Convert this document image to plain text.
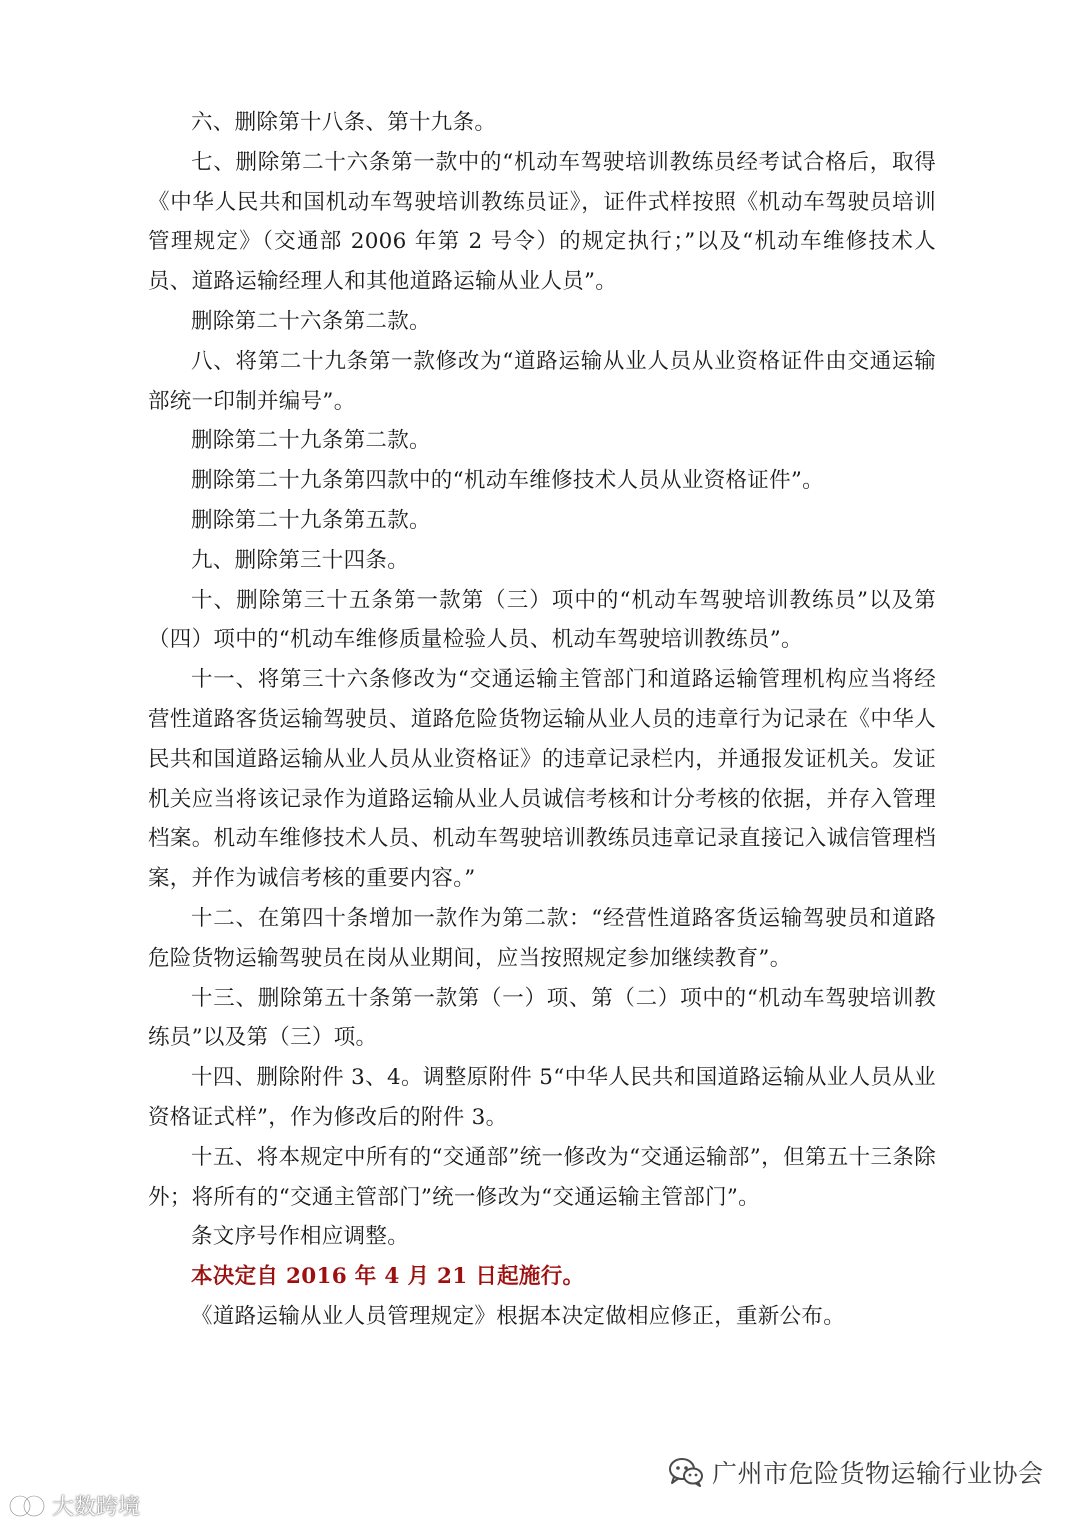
六、删除第十八条、第十九条。

七、删除第二十六条第一款中的“机动车驾驶培训教练员经考试合格后，取得《中华人民共和国机动车驾驶培训教练员证》，证件式样按照《机动车驾驶员培训管理规定》（交通部 2006 年第 2 号令）的规定执行；”以及“机动车维修技术人员、道路运输经理人和其他道路运输从业人员”。

删除第二十六条第二款。

八、将第二十九条第一款修改为“道路运输从业人员从业资格证件由交通运输部统一印制并编号”。

删除第二十九条第二款。

删除第二十九条第四款中的“机动车维修技术人员从业资格证件”。

删除第二十九条第五款。

九、删除第三十四条。

十、删除第三十五条第一款第（三）项中的“机动车驾驶培训教练员”以及第（四）项中的“机动车维修质量检验人员、机动车驾驶培训教练员”。

十一、将第三十六条修改为“交通运输主管部门和道路运输管理机构应当将经营性道路客货运输驾驶员、道路危险货物运输从业人员的违章行为记录在《中华人民共和国道路运输从业人员从业资格证》的违章记录栏内，并通报发证机关。发证机关应当将该记录作为道路运输从业人员诚信考核和计分考核的依据，并存入管理档案。机动车维修技术人员、机动车驾驶培训教练员违章记录直接记入诚信管理档案，并作为诚信考核的重要内容。”

十二、在第四十条增加一款作为第二款：“经营性道路客货运输驾驶员和道路危险货物运输驾驶员在岗从业期间，应当按照规定参加继续教育”。

十三、删除第五十条第一款第（一）项、第（二）项中的“机动车驾驶培训教练员”以及第（三）项。

十四、删除附件 3、4。调整原附件 5“中华人民共和国道路运输从业人员从业资格证式样”，作为修改后的附件 3。

十五、将本规定中所有的“交通部”统一修改为“交通运输部”，但第五十三条除外；将所有的“交通主管部门”统一修改为“交通运输主管部门”。

条文序号作相应调整。

本决定自 2016 年 4 月 21 日起施行。

《道路运输从业人员管理规定》根据本决定做相应修正，重新公布。

广州市危险货物运输行业协会
大数跨境
